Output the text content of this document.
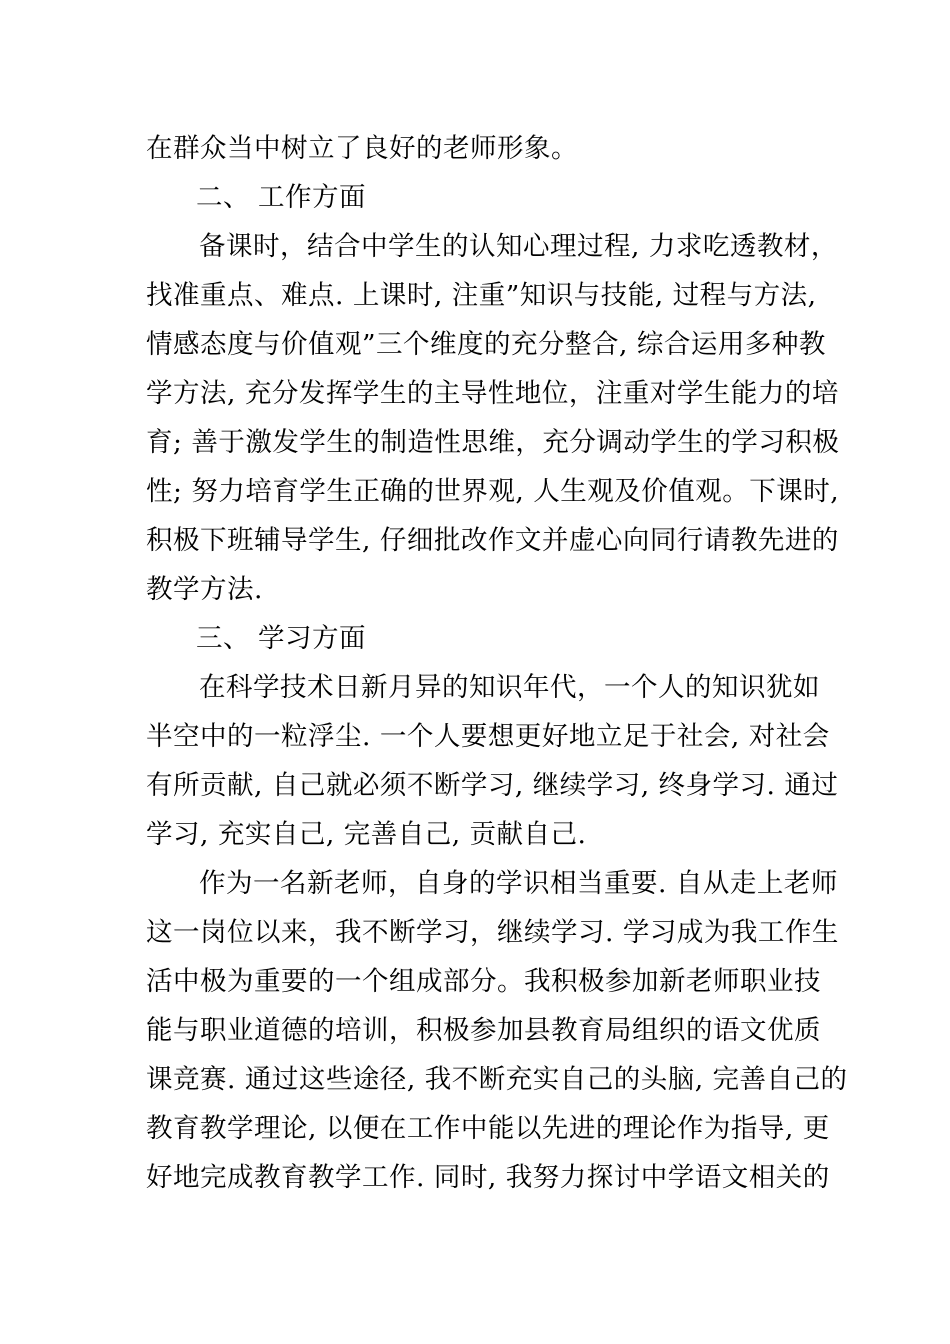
在群众当中树立了良好的老师形象。
二、 工作方面
备课时，结合中学生的认知心理过程, 力求吃透教材，
找准重点、难点. 上课时, 注重”知识与技能, 过程与方法,
情感态度与价值观”三个维度的充分整合, 综合运用多种教
学方法, 充分发挥学生的主导性地位，注重对学生能力的培
育; 善于激发学生的制造性思维，充分调动学生的学习积极
性; 努力培育学生正确的世界观, 人生观及价值观。下课时,
积极下班辅导学生, 仔细批改作文并虚心向同行请教先进的
教学方法.
三、 学习方面
在科学技术日新月异的知识年代，一个人的知识犹如
半空中的一粒浮尘. 一个人要想更好地立足于社会, 对社会
有所贡献, 自己就必须不断学习, 继续学习, 终身学习. 通过
学习, 充实自己, 完善自己, 贡献自己.
作为一名新老师，自身的学识相当重要. 自从走上老师
这一岗位以来，我不断学习，继续学习. 学习成为我工作生
活中极为重要的一个组成部分。我积极参加新老师职业技
能与职业道德的培训，积极参加县教育局组织的语文优质
课竞赛. 通过这些途径, 我不断充实自己的头脑, 完善自己的
教育教学理论, 以便在工作中能以先进的理论作为指导, 更
好地完成教育教学工作. 同时, 我努力探讨中学语文相关的
